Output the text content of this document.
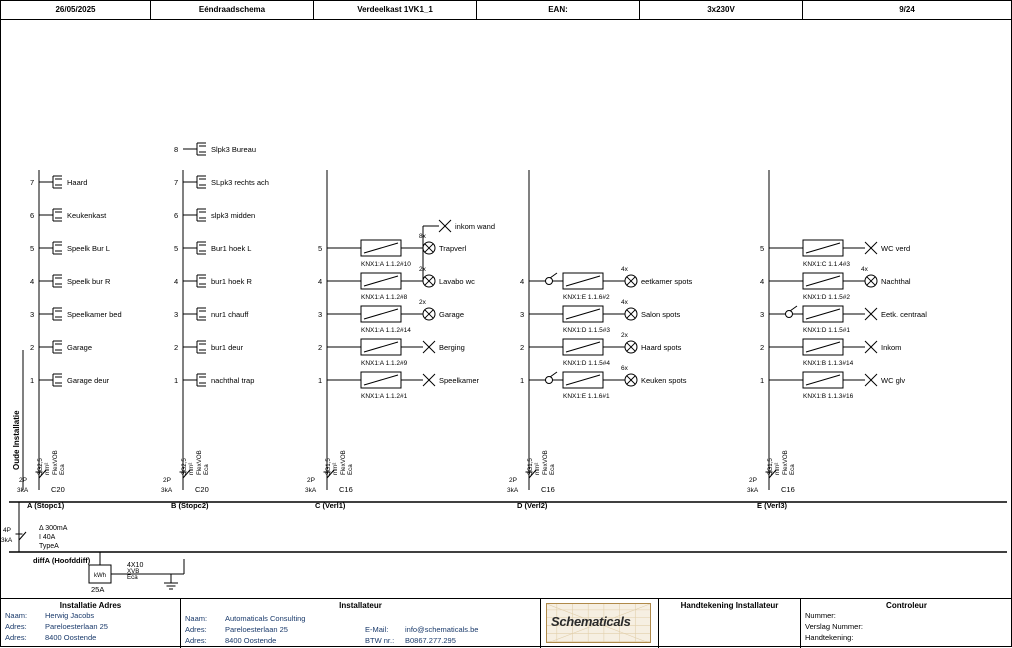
26/05/2025	Eéndraadschema	Verdeelkast 1VK1_1	EAN:	3x230V	9/24
Oude Installatie
7	Haard
6	Keukenkast
5	Speelk Bur L
4	Speelk bur R
3	Speelkamer bed
2	Garage
1	Garage deur
3G2,5 mm² FlexVOB Eca
2P
3kA	C20
A (Stopc1)
8	Slpk3 Bureau
7	SLpk3 rechts ach
6	slpk3 midden
5	Bur1 hoek L
4	bur1 hoek R
3	nur1 chauff
2	bur1 deur
1	nachthal trap
3G2,5 mm² FlexVOB Eca
2P
3kA	C20
B (Stopc2)
5
KNX1:A 1.1.2#10
8x
Trapverl
4
KNX1:A 1.1.2#8
2x
Lavabo wc
3
KNX1:A 1.1.2#14
2x
Garage
2
KNX1:A 1.1.2#9
Berging
1
KNX1:A 1.1.2#1
Speelkamer
3G1,5 mm² FlexVOB Eca
2P
3kA	C16
C (Verl1)
4
KNX1:E 1.1.6#2
4x
eetkamer spots
3
KNX1:D 1.1.5#3
4x
Salon spots
2
KNX1:D 1.1.5#4
2x
Haard spots
1
KNX1:E 1.1.6#1
6x
Keuken spots
3G1,5 mm² FlexVOB Eca
2P
3kA	C16
D (Verl2)
5
KNX1:C 1.1.4#3
WC verd
4
KNX1:D 1.1.5#2
4x
Nachthal
3
KNX1:D 1.1.5#1
Eetk. centraal
2
KNX1:B 1.1.3#14
Inkom
1
KNX1:B 1.1.3#16
WC glv
3G1,5 mm² FlexVOB Eca
2P
3kA	C16
E (Verl3)
inkom wand
Δ 300mA
I 40A
TypeA
4P
3kA
diffA (Hoofddiff)
kWh
25A
4X10
XVB
Eca
Installatie Adres
Naam:	Herwig Jacobs
Adres:	Pareloesterlaan 25
Adres:	8400 Oostende
Installateur
Naam:	Automaticals Consulting
Adres:	Pareloesterlaan 25
Adres:	8400 Oostende
E-Mail:	info@schematicals.be
BTW nr.:	B0867.277.295
Schematicals
Handtekening Installateur	Controleur
Nummer:
Verslag Nummer:
Handtekening:
